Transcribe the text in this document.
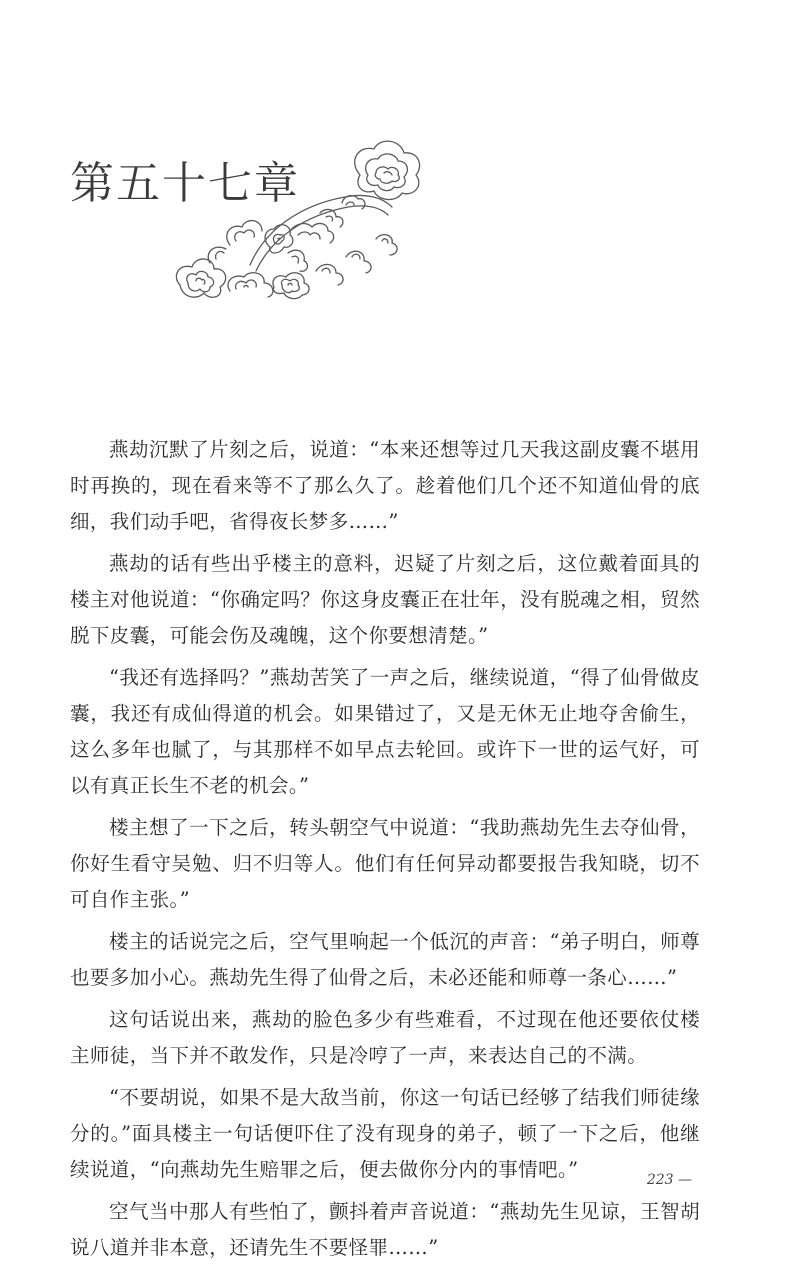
第五十七章

燕劫沉默了片刻之后，说道：“本来还想等过几天我这副皮囊不堪用时再换的，现在看来等不了那么久了。趁着他们几个还不知道仙骨的底细，我们动手吧，省得夜长梦多……”

燕劫的话有些出乎楼主的意料，迟疑了片刻之后，这位戴着面具的楼主对他说道：“你确定吗？你这身皮囊正在壮年，没有脱魂之相，贸然脱下皮囊，可能会伤及魂魄，这个你要想清楚。”

“我还有选择吗？”燕劫苦笑了一声之后，继续说道，“得了仙骨做皮囊，我还有成仙得道的机会。如果错过了，又是无休无止地夺舍偷生，这么多年也腻了，与其那样不如早点去轮回。或许下一世的运气好，可以有真正长生不老的机会。”

楼主想了一下之后，转头朝空气中说道：“我助燕劫先生去夺仙骨，你好生看守吴勉、归不归等人。他们有任何异动都要报告我知晓，切不可自作主张。”

楼主的话说完之后，空气里响起一个低沉的声音：“弟子明白，师尊也要多加小心。燕劫先生得了仙骨之后，未必还能和师尊一条心……”

这句话说出来，燕劫的脸色多少有些难看，不过现在他还要依仗楼主师徒，当下并不敢发作，只是冷哼了一声，来表达自己的不满。

“不要胡说，如果不是大敌当前，你这一句话已经够了结我们师徒缘分的。”面具楼主一句话便吓住了没有现身的弟子，顿了一下之后，他继续说道，“向燕劫先生赔罪之后，便去做你分内的事情吧。”

空气当中那人有些怕了，颤抖着声音说道：“燕劫先生见谅，王智胡说八道并非本意，还请先生不要怪罪……”

223 —
